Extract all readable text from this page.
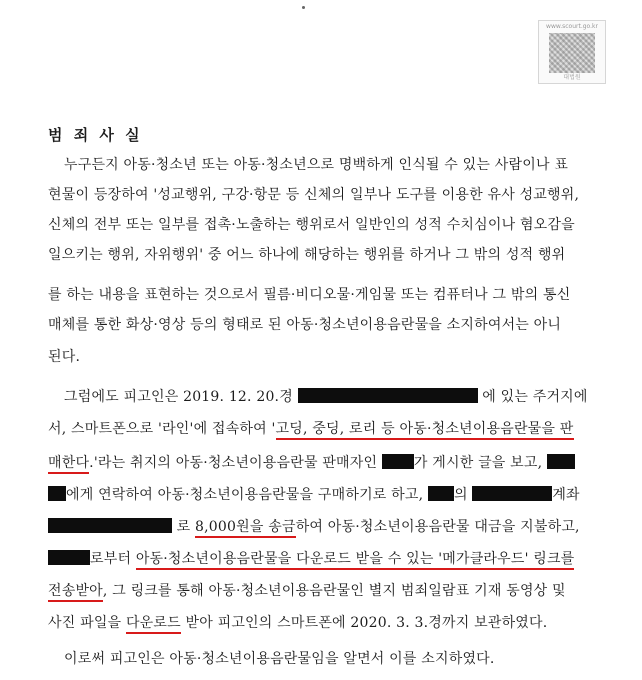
www.scourt.go.kr
대법원
범 죄 사 실
누구든지 아동·청소년 또는 아동·청소년으로 명백하게 인식될 수 있는 사람이나 표
현물이 등장하여 '성교행위, 구강·항문 등 신체의 일부나 도구를 이용한 유사 성교행위,
신체의 전부 또는 일부를 접촉·노출하는 행위로서 일반인의 성적 수치심이나 혐오감을
일으키는 행위, 자위행위' 중 어느 하나에 해당하는 행위를 하거나 그 밖의 성적 행위
를 하는 내용을 표현하는 것으로서 필름·비디오물·게임물 또는 컴퓨터나 그 밖의 통신
매체를 통한 화상·영상 등의 형태로 된 아동·청소년이용음란물을 소지하여서는 아니
된다.
그럼에도 피고인은 2019. 12. 20.경	에 있는 주거지에
서, 스마트폰으로 '라인'에 접속하여 '고딩, 중딩, 로리 등 아동·청소년이용음란물을 판
매한다.'라는 취지의 아동·청소년이용음란물 판매자인	가 게시한 글을 보고,
에게 연락하여 아동·청소년이용음란물을 구매하기로 하고, 의	계좌
로 8,000원을 송금하여 아동·청소년이용음란물 대금을 지불하고,
로부터 아동·청소년이용음란물을 다운로드 받을 수 있는 '메가클라우드' 링크를
전송받아, 그 링크를 통해 아동·청소년이용음란물인 별지 범죄일람표 기재 동영상 및
사진 파일을 다운로드 받아 피고인의 스마트폰에 2020. 3. 3.경까지 보관하였다.
이로써 피고인은 아동·청소년이용음란물임을 알면서 이를 소지하였다.
